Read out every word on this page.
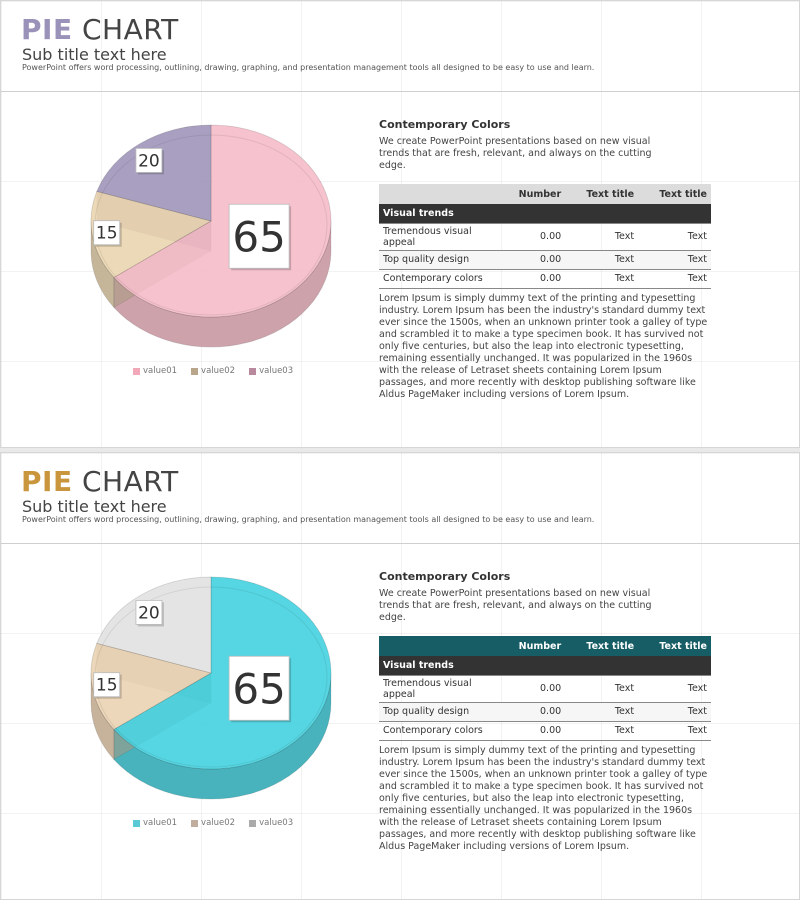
PIE CHART
Sub title text here
PowerPoint offers word processing, outlining, drawing, graphing, and presentation management tools all designed to be easy to use and learn.
65
15
20
value01	value02	value03
Contemporary Colors
We create PowerPoint presentations based on new visual trends that are fresh, relevant, and always on the cutting edge.
	Number	Text title	Text title
Visual trends			
Tremendous visual appeal	0.00	Text	Text
Top quality design	0.00	Text	Text
Contemporary colors	0.00	Text	Text
Lorem Ipsum is simply dummy text of the printing and typesetting industry. Lorem Ipsum has been the industry's standard dummy text ever since the 1500s, when an unknown printer took a galley of type and scrambled it to make a type specimen book. It has survived not only five centuries, but also the leap into electronic typesetting, remaining essentially unchanged. It was popularized in the 1960s with the release of Letraset sheets containing Lorem Ipsum passages, and more recently with desktop publishing software like Aldus PageMaker including versions of Lorem Ipsum.
PIE CHART
Sub title text here
PowerPoint offers word processing, outlining, drawing, graphing, and presentation management tools all designed to be easy to use and learn.
65
15
20
value01	value02	value03
Contemporary Colors
We create PowerPoint presentations based on new visual trends that are fresh, relevant, and always on the cutting edge.
	Number	Text title	Text title
Visual trends			
Tremendous visual appeal	0.00	Text	Text
Top quality design	0.00	Text	Text
Contemporary colors	0.00	Text	Text
Lorem Ipsum is simply dummy text of the printing and typesetting industry. Lorem Ipsum has been the industry's standard dummy text ever since the 1500s, when an unknown printer took a galley of type and scrambled it to make a type specimen book. It has survived not only five centuries, but also the leap into electronic typesetting, remaining essentially unchanged. It was popularized in the 1960s with the release of Letraset sheets containing Lorem Ipsum passages, and more recently with desktop publishing software like Aldus PageMaker including versions of Lorem Ipsum.
